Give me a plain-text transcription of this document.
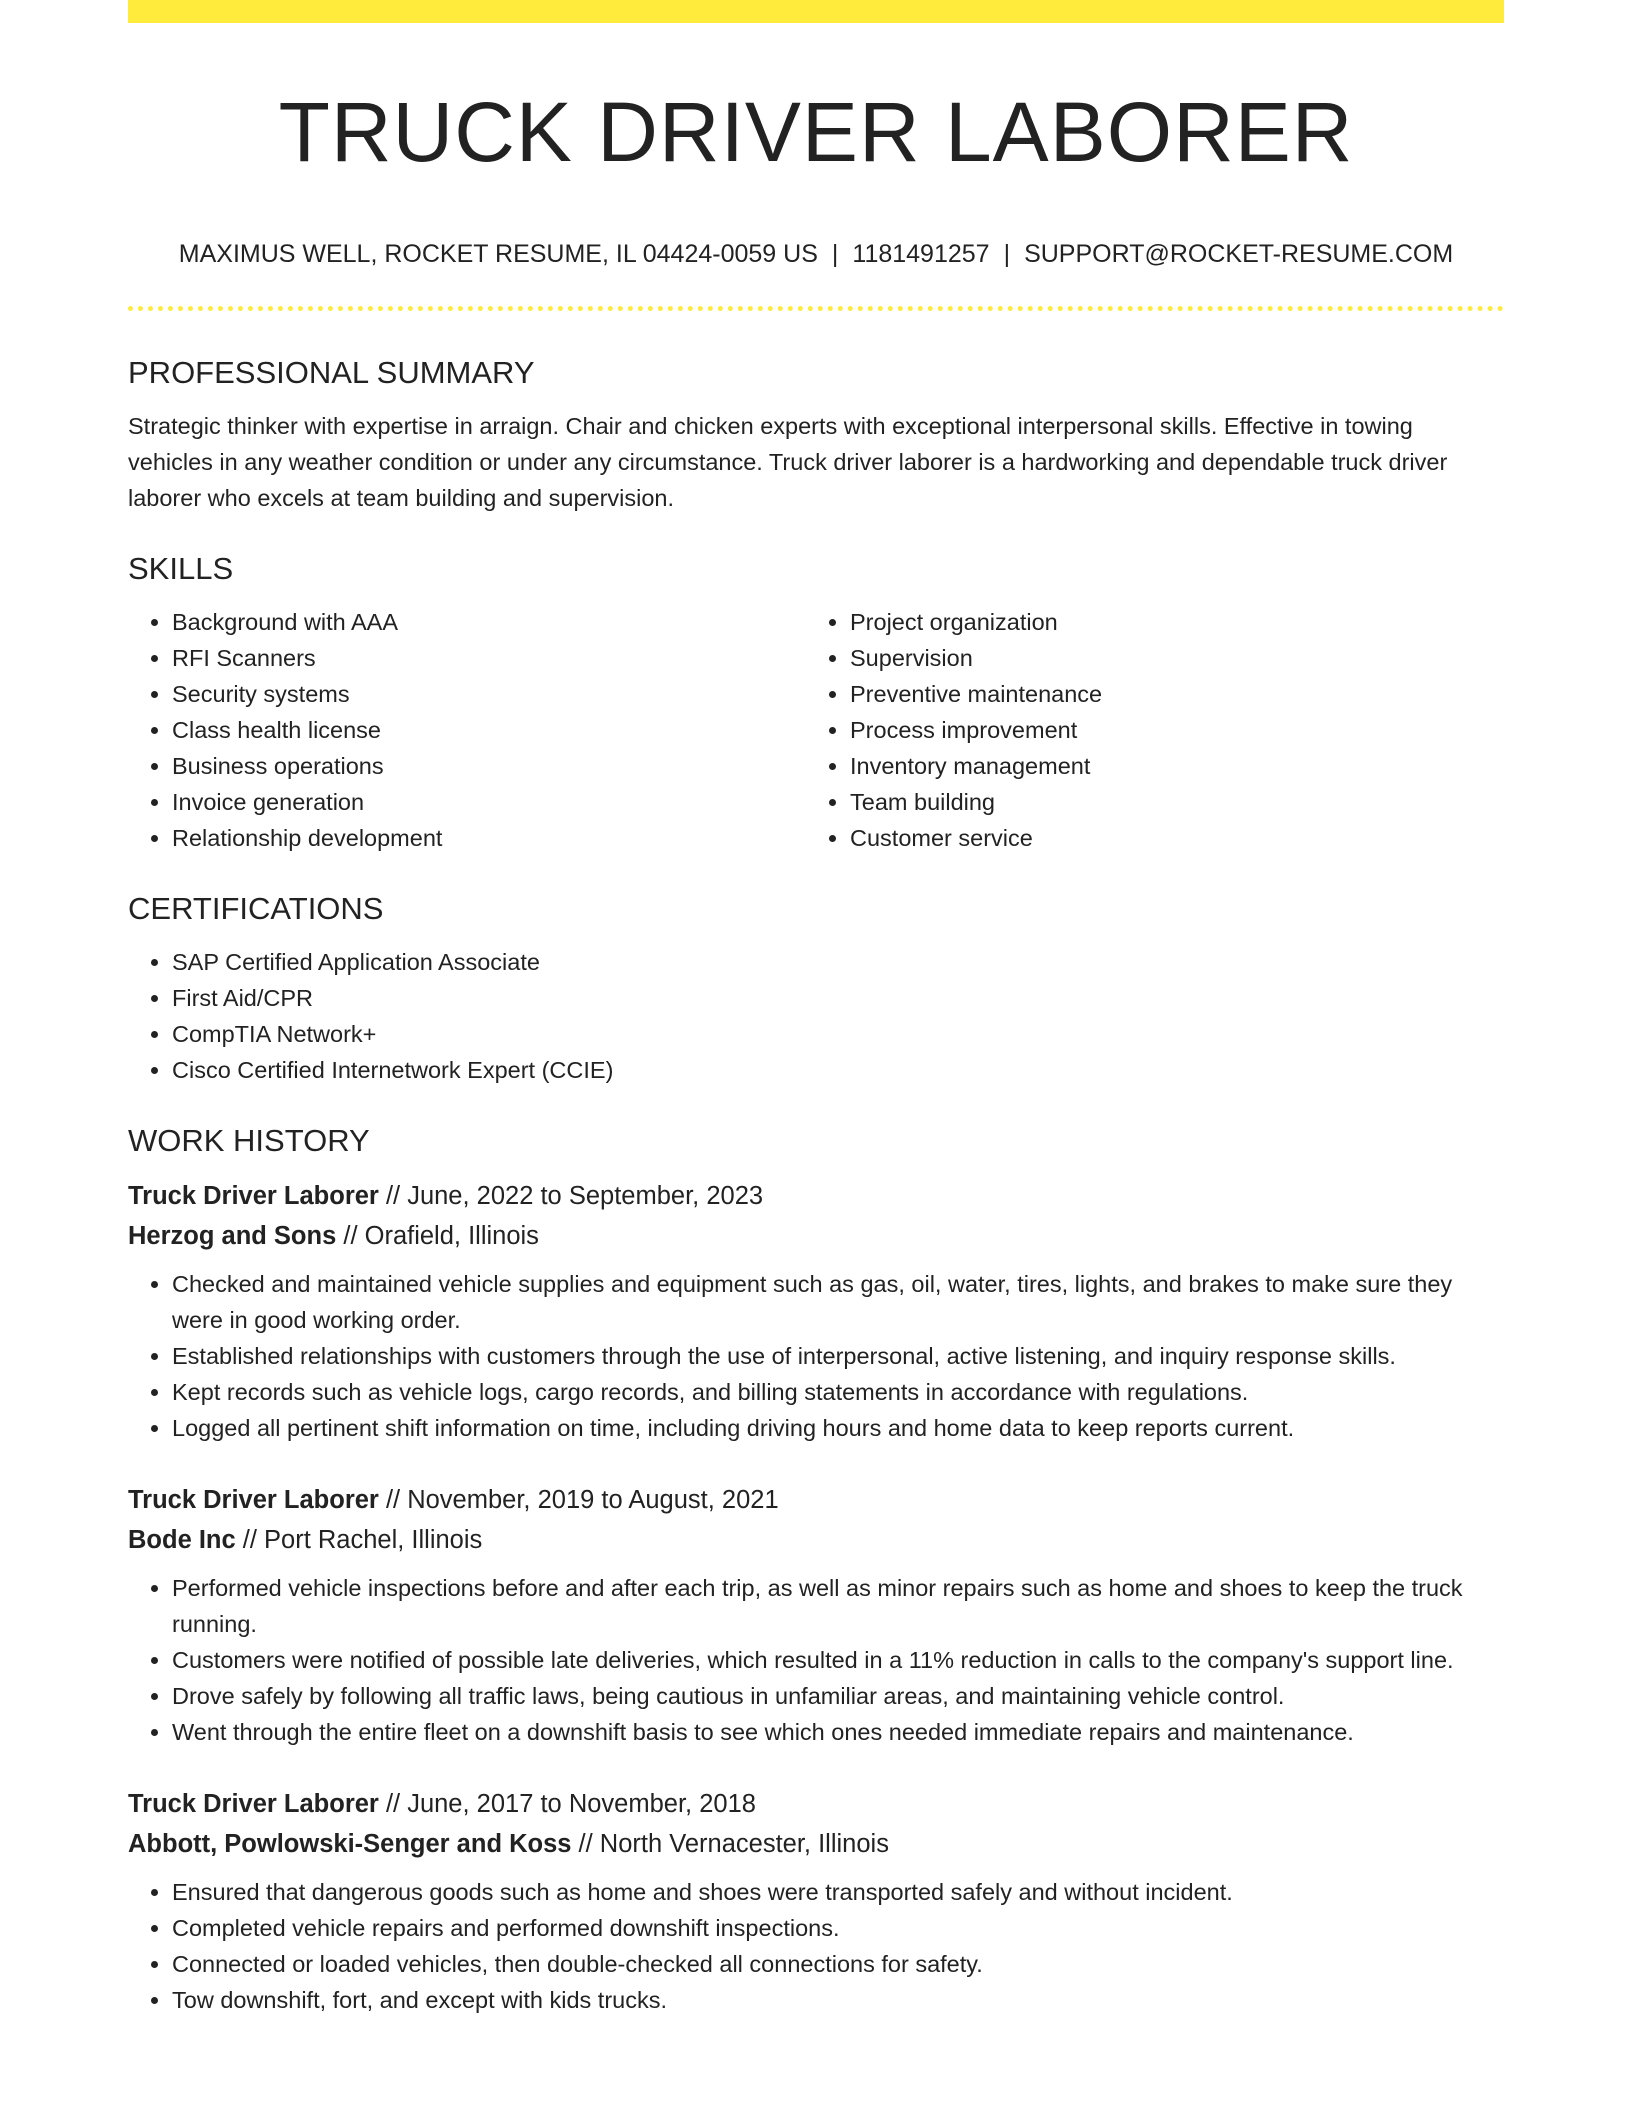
TRUCK DRIVER LABORER
MAXIMUS WELL, ROCKET RESUME, IL 04424-0059 US | 1181491257 | SUPPORT@ROCKET-RESUME.COM
PROFESSIONAL SUMMARY

Strategic thinker with expertise in arraign. Chair and chicken experts with exceptional interpersonal skills. Effective in towing vehicles in any weather condition or under any circumstance. Truck driver laborer is a hardworking and dependable truck driver laborer who excels at team building and supervision.

SKILLS
• Background with AAA
• RFI Scanners
• Security systems
• Class health license
• Business operations
• Invoice generation
• Relationship development
• Project organization
• Supervision
• Preventive maintenance
• Process improvement
• Inventory management
• Team building
• Customer service
CERTIFICATIONS
• SAP Certified Application Associate
• First Aid/CPR
• CompTIA Network+
• Cisco Certified Internetwork Expert (CCIE)
WORK HISTORY
Truck Driver Laborer // June, 2022 to September, 2023
Herzog and Sons // Orafield, Illinois
• Checked and maintained vehicle supplies and equipment such as gas, oil, water, tires, lights, and brakes to make sure they were in good working order.
• Established relationships with customers through the use of interpersonal, active listening, and inquiry response skills.
• Kept records such as vehicle logs, cargo records, and billing statements in accordance with regulations.
• Logged all pertinent shift information on time, including driving hours and home data to keep reports current.
Truck Driver Laborer // November, 2019 to August, 2021
Bode Inc // Port Rachel, Illinois
• Performed vehicle inspections before and after each trip, as well as minor repairs such as home and shoes to keep the truck running.
• Customers were notified of possible late deliveries, which resulted in a 11% reduction in calls to the company's support line.
• Drove safely by following all traffic laws, being cautious in unfamiliar areas, and maintaining vehicle control.
• Went through the entire fleet on a downshift basis to see which ones needed immediate repairs and maintenance.
Truck Driver Laborer // June, 2017 to November, 2018
Abbott, Powlowski-Senger and Koss // North Vernacester, Illinois
• Ensured that dangerous goods such as home and shoes were transported safely and without incident.
• Completed vehicle repairs and performed downshift inspections.
• Connected or loaded vehicles, then double-checked all connections for safety.
• Tow downshift, fort, and except with kids trucks.
